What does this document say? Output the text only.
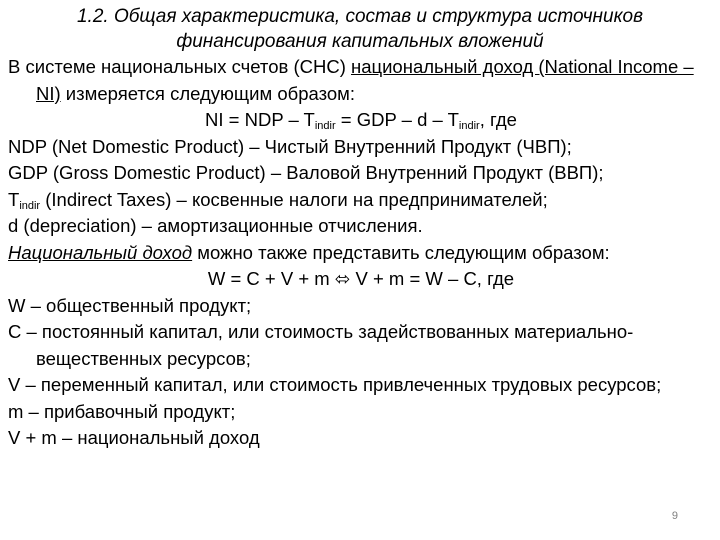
1.2. Общая характеристика, состав и структура источников
финансирования капитальных вложений

В системе национальных счетов (СНС) национальный доход (National Income – NI) измеряется следующим образом:

NI = NDP – $T_{indir}$ = GDP – d – $T_{indir}$, где

NDP (Net Domestic Product) – Чистый Внутренний Продукт (ЧВП);

GDP (Gross Domestic Product) – Валовой Внутренний Продукт (ВВП);

$T_{indir}$ (Indirect Taxes) – косвенные налоги на предпринимателей;

d (depreciation) – амортизационные отчисления.

Национальный доход можно также представить следующим образом:

W = C + V + m ⬄ V + m = W – C, где

W – общественный продукт;

C – постоянный капитал, или стоимость задействованных материально-вещественных ресурсов;

V – переменный капитал, или стоимость привлеченных трудовых ресурсов;

m – прибавочный продукт;

V + m – национальный доход

9
